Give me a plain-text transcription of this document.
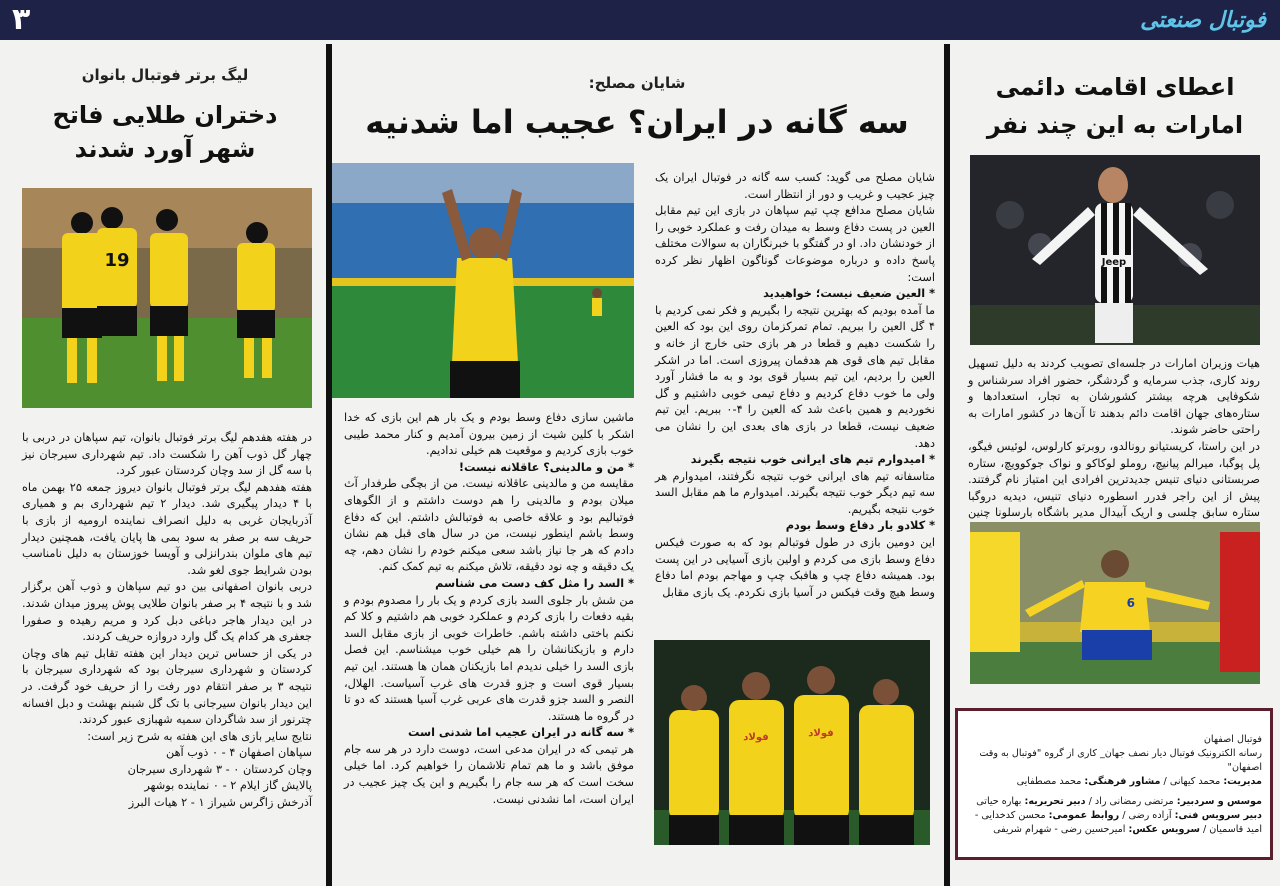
۳	فوتبال صنعتی
اعطای اقامت دائمی
امارات به این چند نفر
Jeep

هیات وزیران امارات در جلسه‌ای تصویب کردند به دلیل تسهیل روند کاری، جذب سرمایه و گردشگر، حضور افراد سرشناس و شکوفایی هرچه بیشتر کشورشان به تجار، استعدادها و ستاره‌های جهان اقامت دائم بدهند تا آن‌ها در کشور امارات به راحتی حاضر شوند.

در این راستا، کریستیانو رونالدو، روبرتو کارلوس، لوئیس فیگو، پل پوگبا، میرالم پیانیچ، روملو لوکاکو و نواک جوکوویچ، ستاره صربستانی دنیای تنیس جدیدترین افرادی این امتیاز نام گرفتند. پیش از این راجر فدرر اسطوره دنیای تنیس، دیدیه دروگبا ستاره سابق چلسی و اریک آبیدال مدیر باشگاه بارسلونا چنین

6

فوتبال اصفهان

رسانه الکترونیک فوتبال دیار نصف جهان_ کاری از گروه "فوتبال به وقت اصفهان"

مدیریت: محمد کیهانی / مشاور فرهنگی: محمد مصطفایی

موسس و سردبیر: مرتضی رمضانی راد / دبیر تحریریه: بهاره حیاتی

دبیر سرویس فنی: آزاده رضی / روابط عمومی: محسن کدخدایی -

امید قاسمیان / سرویس عکس: امیرحسین رضی - شهرام شریفی

شایان مصلح:
سه گانه در ایران؟ عجیب اما شدنیه

شایان مصلح می گوید: کسب سه گانه در فوتبال ایران یک چیز عجیب و غریب و دور از انتظار است.

شایان مصلح مدافع چپ تیم سپاهان در بازی این تیم مقابل العین در پست دفاع وسط به میدان رفت و عملکرد خوبی را از خودنشان داد. او در گفتگو با خبرنگاران به سوالات مختلف پاسخ داده و درباره موضوعات گوناگون اظهار نظر کرده است:

* العین ضعیف نیست؛ خواهیدید

ما آمده بودیم که بهترین نتیجه را بگیریم و فکر نمی کردیم با ۴ گل العین را ببریم. تمام تمرکزمان روی این بود که العین را شکست دهیم و قطعا در هر بازی حتی خارج از خانه و مقابل تیم های قوی هم هدفمان پیروزی است. اما در اشکر العین را بردیم، این تیم بسیار قوی بود و به ما فشار آورد ولی ما خوب دفاع کردیم و دفاع تیمی خوبی داشتیم و گل نخوردیم و همین باعث شد که العین را ۴-۰ ببریم. این تیم ضعیف نیست، قطعا در بازی های بعدی این را نشان می دهد.

* امیدوارم تیم های ایرانی خوب نتیجه بگیرند

متاسفانه تیم های ایرانی خوب نتیجه نگرفتند، امیدوارم هر سه تیم دیگر خوب نتیجه بگیرند. امیدوارم ما هم مقابل السد خوب نتیجه بگیریم.

* کلادو بار دفاع وسط بودم

این دومین بازی در طول فوتبالم بود که به صورت فیکس دفاع وسط بازی می کردم و اولین بازی آسیایی در این پست بود. همیشه دفاع چپ و هافبک چپ و مهاجم بودم اما دفاع وسط هیچ وقت فیکس در آسیا بازی نکردم. یک بازی مقابل

ماشین سازی دفاع وسط بودم و یک بار هم این بازی که خدا اشکر با کلین شیت از زمین بیرون آمدیم و کنار محمد طیبی خوب بازی کردیم و موقعیت هم خیلی ندادیم.

* من و مالدینی؟ عاقلانه نیست!

مقایسه من و مالدینی عاقلانه نیست. من از بچگی طرفدار آث میلان بودم و مالدینی را هم دوست داشتم و از الگوهای فوتبالیم بود و علاقه خاصی به فوتبالش داشتم. این که دفاع وسط باشم اینطور نیست، من در سال های قبل هم نشان دادم که هر جا نیاز باشد سعی میکنم خودم را نشان دهم، چه یک دقیقه و چه نود دقیقه، تلاش میکنم به تیم کمک کنم.

* السد را مثل کف دست می شناسم

من شش بار جلوی السد بازی کردم و یک بار را مصدوم بودم و بقیه دفعات را بازی کردم و عملکرد خوبی هم داشتیم و کلا کم نکنم باختی داشته باشم. خاطرات خوبی از بازی مقابل السد دارم و بازیکنانشان را هم خیلی خوب میشناسم. این فصل بازی السد را خیلی ندیدم اما بازیکنان همان ها هستند. این تیم بسیار قوی است و جزو قدرت های غرب آسیاست. الهلال، النصر و السد جزو قدرت های عربی غرب آسیا هستند که دو تا در گروه ما هستند.

* سه گانه در ایران عجیب اما شدنی است

هر تیمی که در ایران مدعی است، دوست دارد در هر سه جام موفق باشد و ما هم تمام تلاشمان را خواهیم کرد. اما خیلی سخت است که هر سه جام را بگیریم و این یک چیز عجیب در ایران است، اما نشدنی نیست.

فولاد	فولاد
لیگ برتر فوتبال بانوان
دختران طلایی فاتح
شهر آورد شدند
19

در هفته هفدهم لیگ برتر فوتبال بانوان، تیم سپاهان در دربی با چهار گل ذوب آهن را شکست داد. تیم شهرداری سیرجان نیز با سه گل از سد وچان کردستان عبور کرد.

هفته هفدهم لیگ برتر فوتبال بانوان دیروز جمعه ۲۵ بهمن ماه با ۴ دیدار پیگیری شد. دیدار ۲ تیم شهرداری بم و همیاری آذربایجان غربی به دلیل انصراف نماینده ارومیه از بازی با حریف سه بر صفر به سود بمی ها پایان یافت، همچنین دیدار تیم های ملوان بندرانزلی و آویسا خوزستان به دلیل نامناسب بودن شرایط جوی لغو شد.

دربی بانوان اصفهانی بین دو تیم سپاهان و ذوب آهن برگزار شد و با نتیجه ۴ بر صفر بانوان طلایی پوش پیروز میدان شدند. در این دیدار هاجر دباغی دبل کرد و مریم رهیده و صفورا جعفری هر کدام یک گل وارد دروازه حریف کردند.

در یکی از حساس ترین دیدار این هفته تقابل تیم های وچان کردستان و شهرداری سیرجان بود که شهرداری سیرجان با نتیجه ۳ بر صفر انتقام دور رفت را از حریف خود گرفت. در این دیدار بانوان سیرجانی با تک گل شبنم بهشت و دبل افسانه چترنور از سد شاگردان سمیه شهبازی عبور کردند.

نتایج سایر بازی های این هفته به شرح زیر است:

سپاهان اصفهان ۴ - ۰ ذوب آهن

وچان کردستان ۰ - ۳ شهرداری سیرجان

پالایش گاز ایلام ۲ - ۰ نماینده بوشهر

آذرخش زاگرس شیراز ۱ - ۲ هیات البرز
